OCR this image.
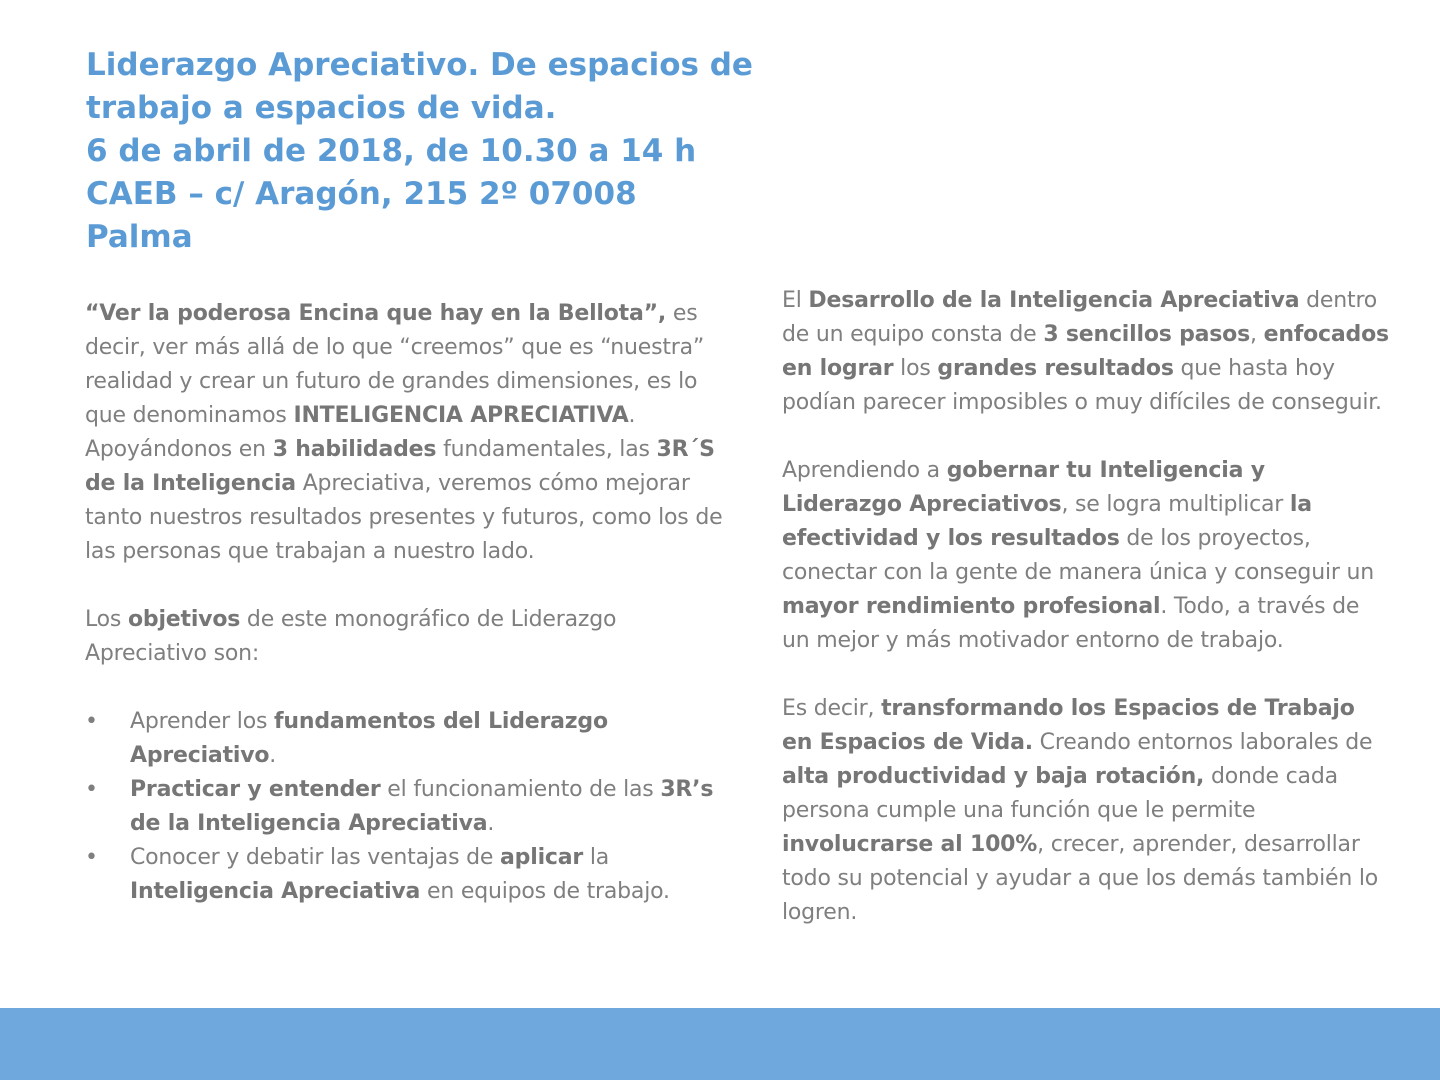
Liderazgo Apreciativo. De espacios de
trabajo a espacios de vida.
6 de abril de 2018, de 10.30 a 14 h
CAEB – c/ Aragón, 215 2º 07008
Palma

“Ver la poderosa Encina que hay en la Bellota”, es decir, ver más allá de lo que “creemos” que es “nuestra” realidad y crear un futuro de grandes dimensiones, es lo que denominamos INTELIGENCIA APRECIATIVA. Apoyándonos en 3 habilidades fundamentales, las 3R´S de la Inteligencia Apreciativa, veremos cómo mejorar tanto nuestros resultados presentes y futuros, como los de las personas que trabajan a nuestro lado.

Los objetivos de este monográfico de Liderazgo Apreciativo son:

•	Aprender los fundamentos del Liderazgo Apreciativo.
•	Practicar y entender el funcionamiento de las 3R’s de la Inteligencia Apreciativa.
•	Conocer y debatir las ventajas de aplicar la Inteligencia Apreciativa en equipos de trabajo.

El Desarrollo de la Inteligencia Apreciativa dentro de un equipo consta de 3 sencillos pasos, enfocados en lograr los grandes resultados que hasta hoy podían parecer imposibles o muy difíciles de conseguir.

Aprendiendo a gobernar tu Inteligencia y Liderazgo Apreciativos, se logra multiplicar la efectividad y los resultados de los proyectos, conectar con la gente de manera única y conseguir un mayor rendimiento profesional. Todo, a través de un mejor y más motivador entorno de trabajo.

Es decir, transformando los Espacios de Trabajo en Espacios de Vida. Creando entornos laborales de alta productividad y baja rotación, donde cada persona cumple una función que le permite involucrarse al 100%, crecer, aprender, desarrollar todo su potencial y ayudar a que los demás también lo logren.
